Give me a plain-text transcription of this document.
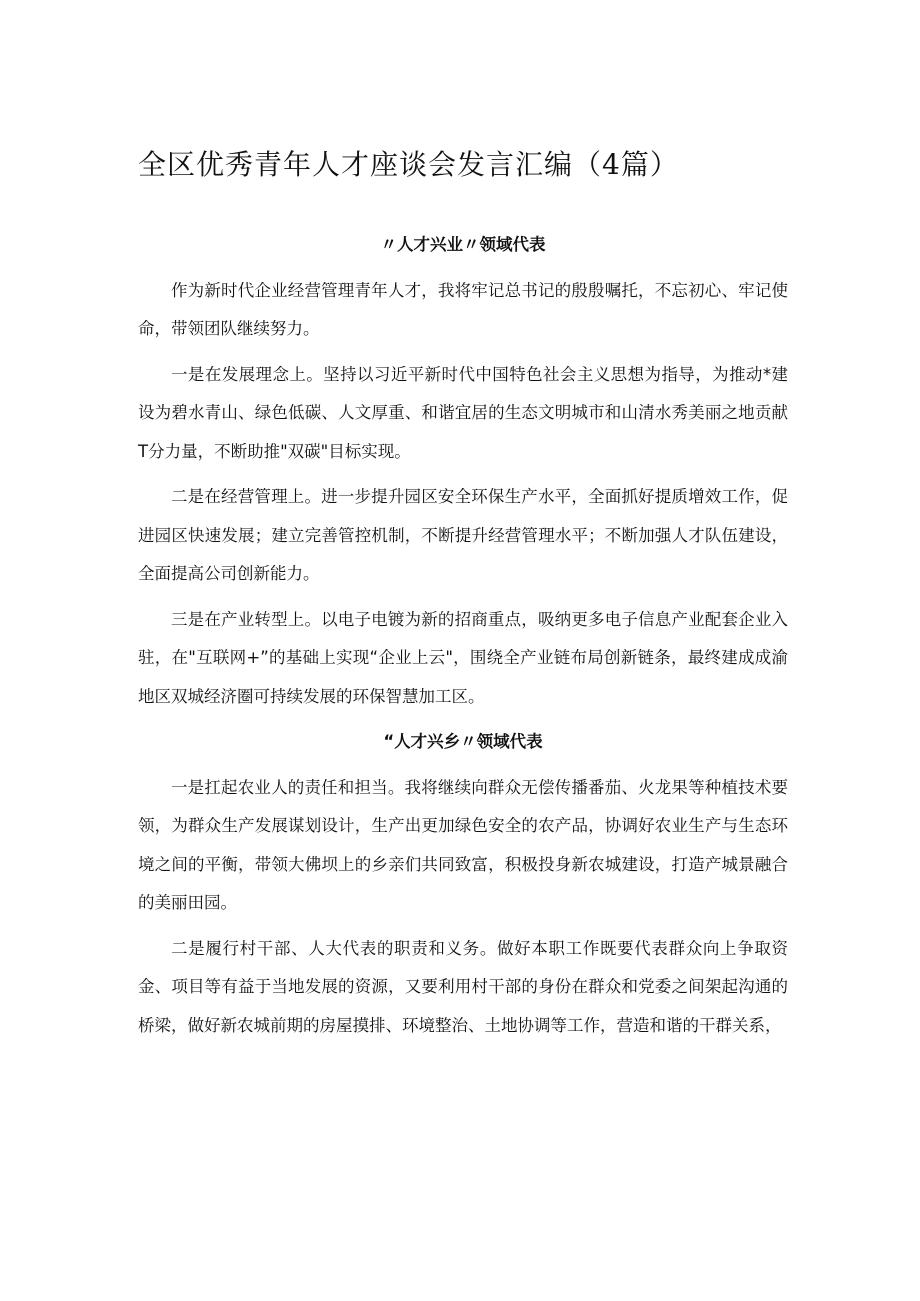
全区优秀青年人才座谈会发言汇编（4篇）
〃人才兴业〃领域代表

作为新时代企业经营管理青年人才，我将牢记总书记的殷殷嘱托，不忘初心、牢记使命，带领团队继续努力。

一是在发展理念上。坚持以习近平新时代中国特色社会主义思想为指导，为推动*建设为碧水青山、绿色低碳、人文厚重、和谐宜居的生态文明城市和山清水秀美丽之地贡献T分力量，不断助推"双碳"目标实现。

二是在经营管理上。进一步提升园区安全环保生产水平，全面抓好提质增效工作，促进园区快速发展；建立完善管控机制，不断提升经营管理水平；不断加强人才队伍建设，全面提高公司创新能力。

三是在产业转型上。以电子电镀为新的招商重点，吸纳更多电子信息产业配套企业入驻，在"互联网+”的基础上实现“企业上云"，围绕全产业链布局创新链条，最终建成成渝地区双城经济圈可持续发展的环保智慧加工区。

“人才兴乡〃领域代表

一是扛起农业人的责任和担当。我将继续向群众无偿传播番茄、火龙果等种植技术要领，为群众生产发展谋划设计，生产出更加绿色安全的农产品，协调好农业生产与生态环境之间的平衡，带领大佛坝上的乡亲们共同致富，积极投身新农城建设，打造产城景融合的美丽田园。

二是履行村干部、人大代表的职责和义务。做好本职工作既要代表群众向上争取资金、项目等有益于当地发展的资源，又要利用村干部的身份在群众和党委之间架起沟通的桥梁，做好新农城前期的房屋摸排、环境整治、土地协调等工作，营造和谐的干群关系，
